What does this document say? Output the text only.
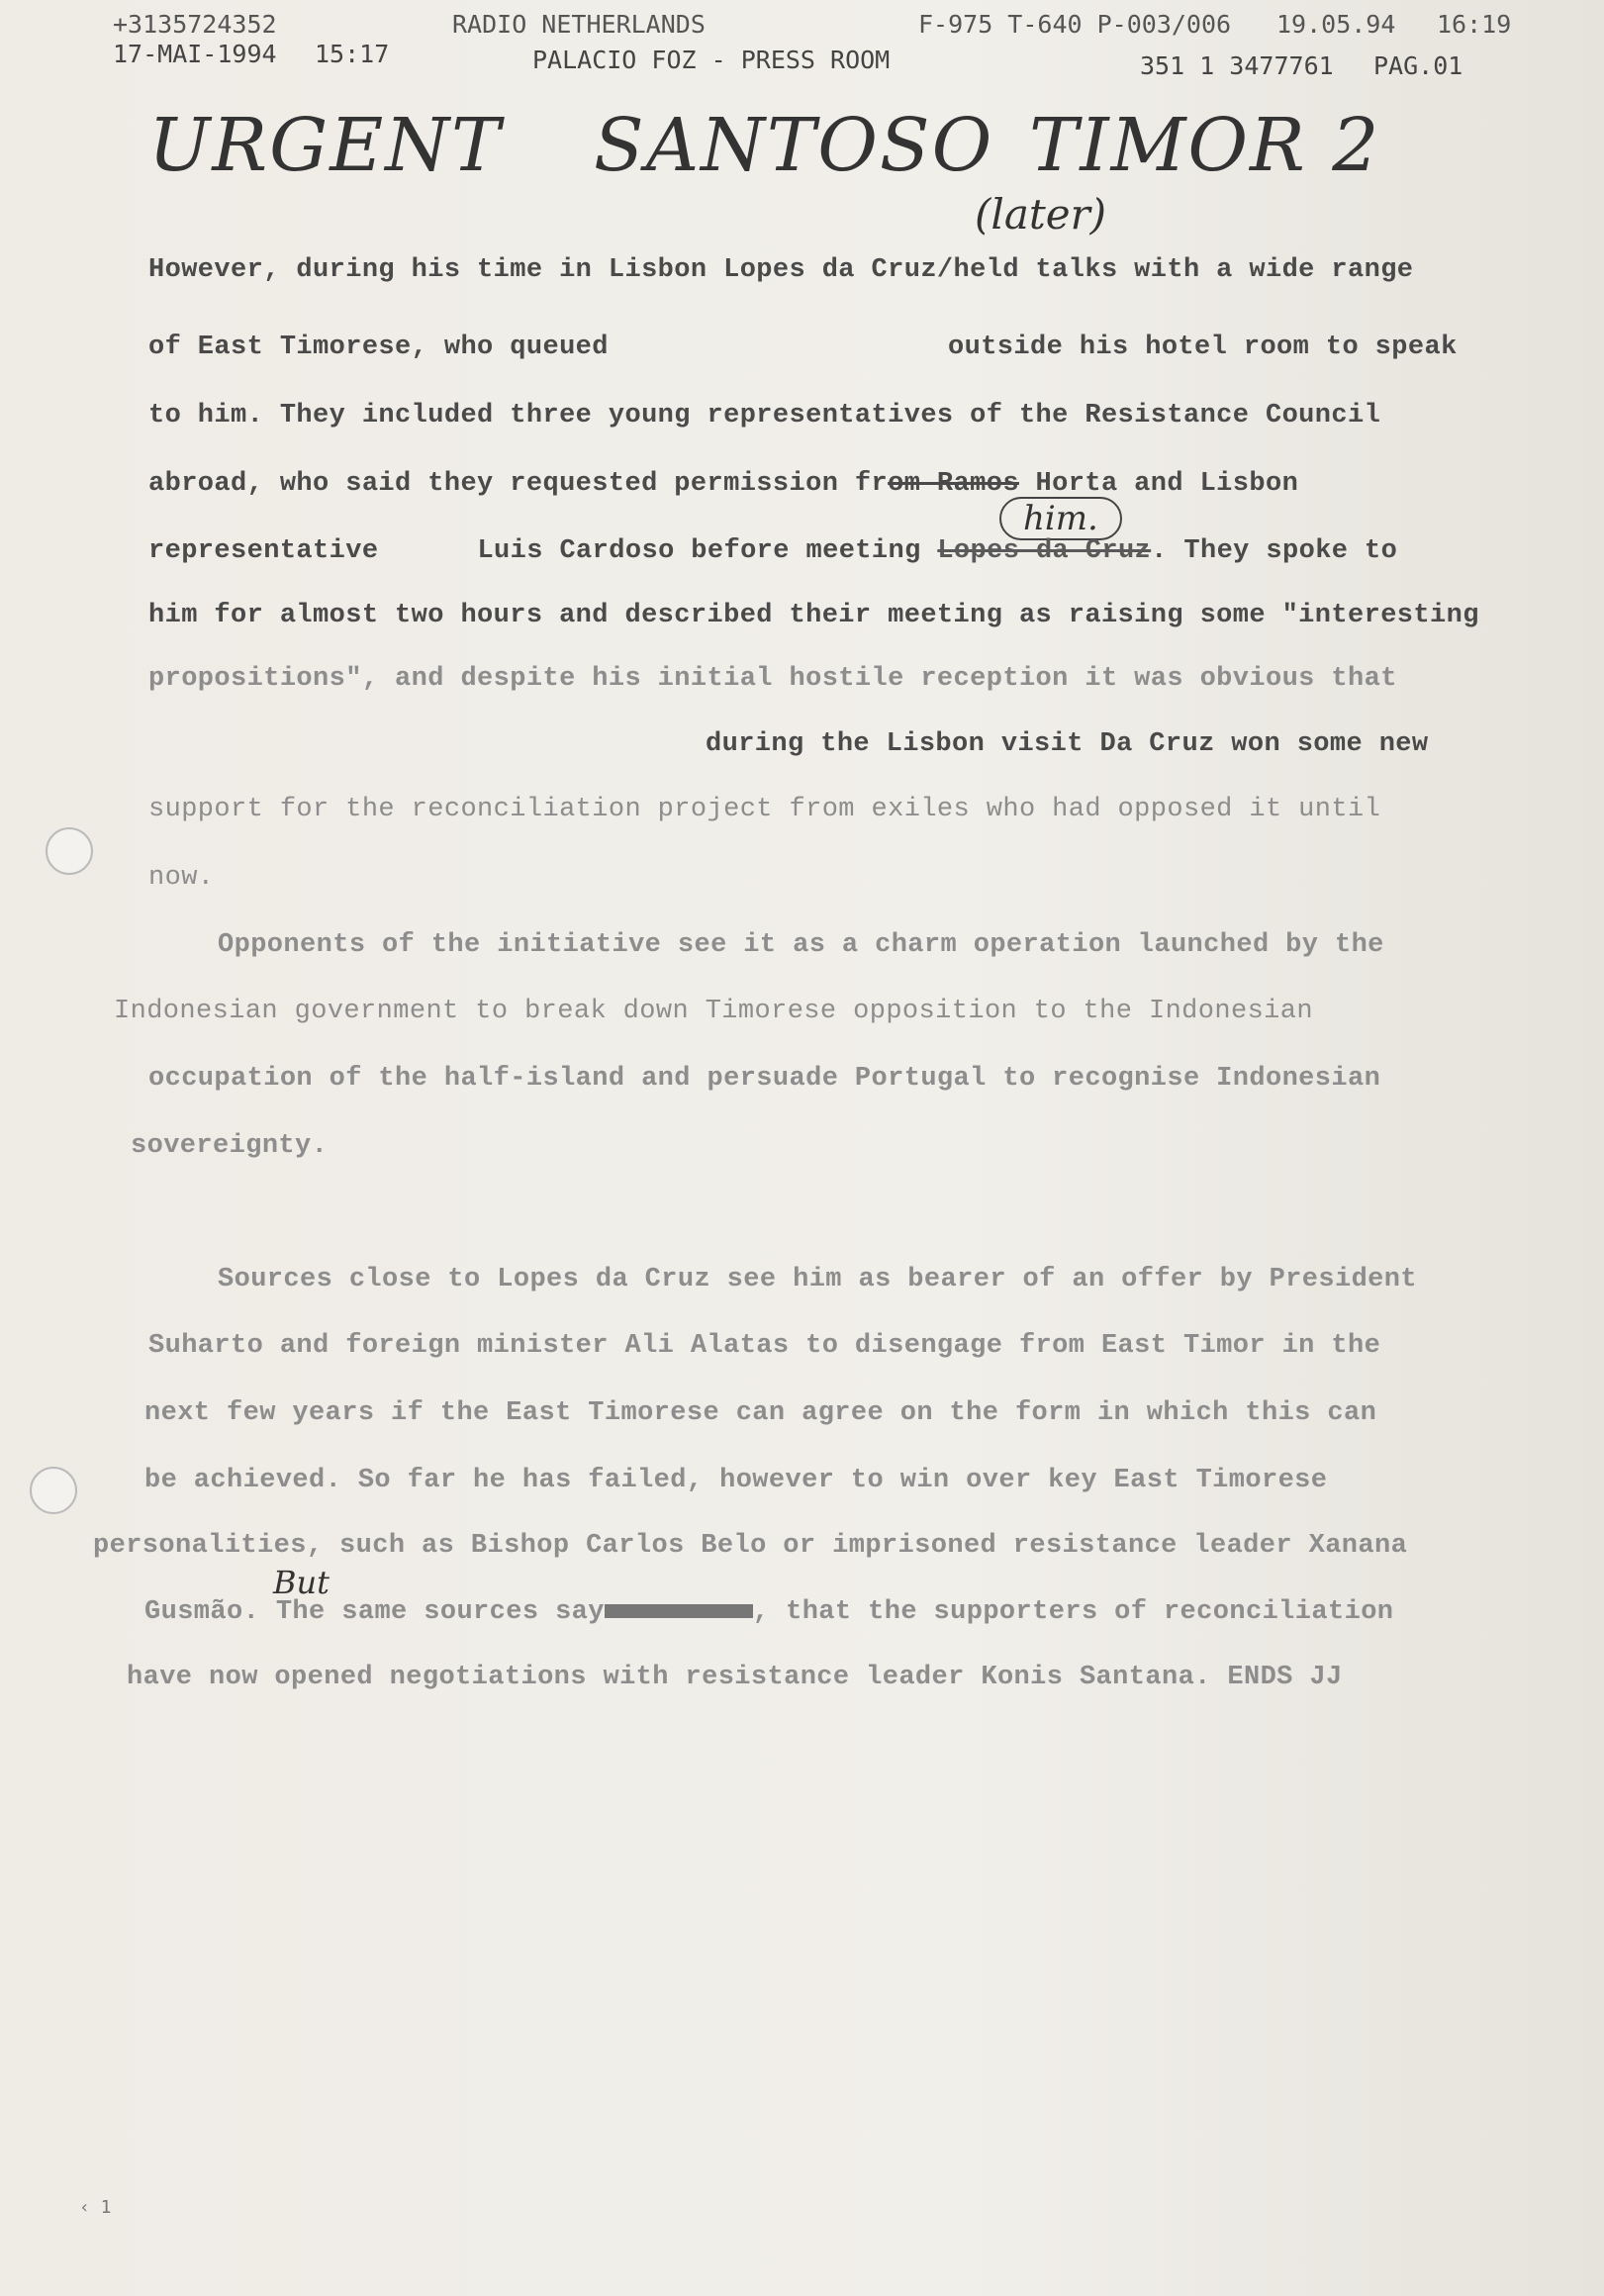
+3135724352	RADIO NETHERLANDS	F-975 T-640 P-003/006 19.05.94 16:19
17-MAI-1994 15:17	PALACIO FOZ - PRESS ROOM	351 1 3477761 PAG.01
URGENT SANTOSO TIMOR 2
(later)
him.
But
However, during his time in Lisbon Lopes da Cruz/held talks with a wide range
of East Timorese, who queued	outside his hotel room to speak
to him. They included three young representatives of the Resistance Council
abroad, who said they requested permission from Ramos Horta and Lisbon
representative	Luis Cardoso before meeting Lopes da Cruz. They spoke to
him for almost two hours and described their meeting as raising some "interesting
propositions", and despite his initial hostile reception it was obvious that
during the Lisbon visit Da Cruz won some new
support for the reconciliation project from exiles who had opposed it until
now.
Opponents of the initiative see it as a charm operation launched by the
Indonesian government to break down Timorese opposition to the Indonesian
occupation of the half-island and persuade Portugal to recognise Indonesian
sovereignty.
Sources close to Lopes da Cruz see him as bearer of an offer by President
Suharto and foreign minister Ali Alatas to disengage from East Timor in the
next few years if the East Timorese can agree on the form in which this can
be achieved. So far he has failed, however to win over key East Timorese
personalities, such as Bishop Carlos Belo or imprisoned resistance leader Xanana
Gusmão. The same sources say	, that the supporters of reconciliation
have now opened negotiations with resistance leader Konis Santana. ENDS JJ
‹ 1
